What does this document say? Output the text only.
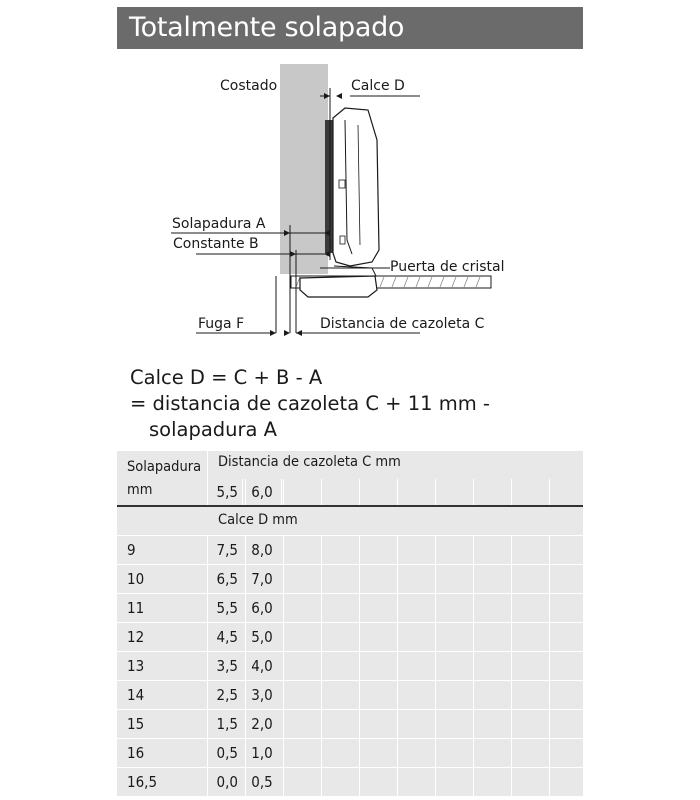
Totalmente solapado
Costado	Calce D
Solapadura A
Constante B
Puerta de cristal
Fuga F	Distancia de cazoleta C
Calce D = C + B - A
= distancia de cazoleta C + 11 mm -
solapadura A
Solapadura
mm
Distancia de cazoleta C mm
5,5 6,0
Calce D mm
9	7,5 8,0
10	6,5 7,0
11	5,5 6,0
12	4,5 5,0
13	3,5 4,0
14	2,5 3,0
15	1,5 2,0
16	0,5 1,0
16,5	0,0 0,5
